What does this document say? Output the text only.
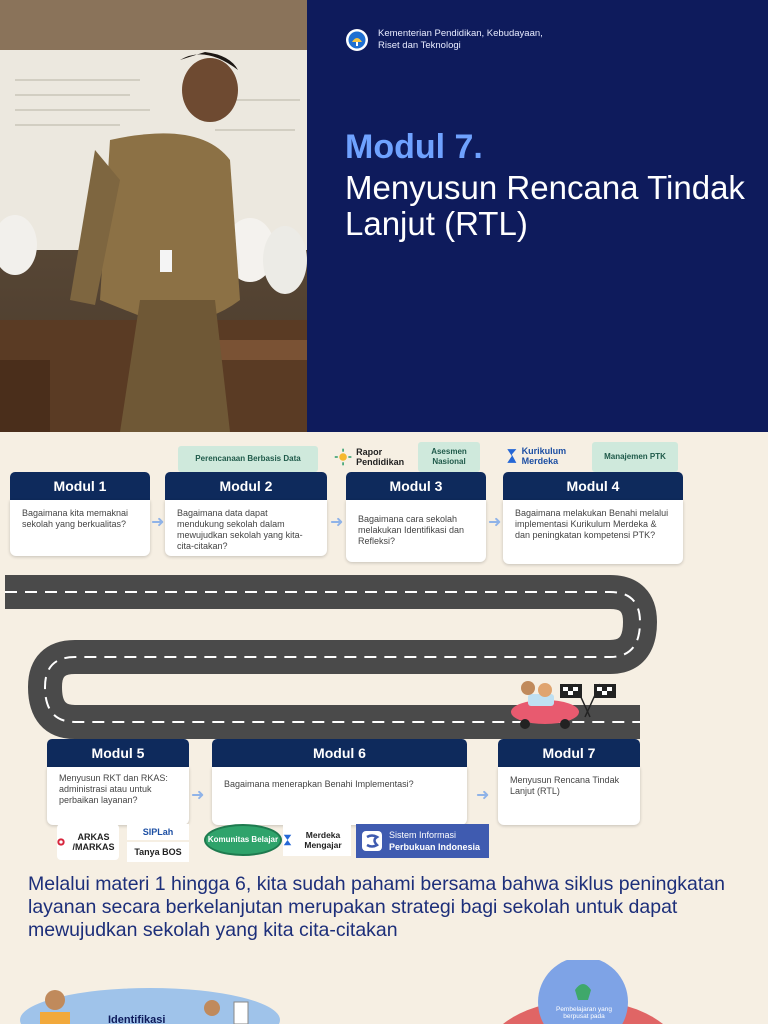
Kementerian Pendidikan, Kebudayaan,
Riset dan Teknologi
Modul 7.
Menyusun Rencana Tindak Lanjut (RTL)
Perencanaan Berbasis Data
Rapor Pendidikan
Asesmen Nasional
Kurikulum Merdeka	Manajemen PTK
Modul 1
Bagaimana kita memaknai sekolah yang berkualitas?	➜
Modul 2
Bagaimana data dapat mendukung sekolah dalam mewujudkan sekolah yang kita-cita-citakan?
➜
Modul 3
Bagaimana cara sekolah melakukan Identifikasi dan Refleksi?
➜
Modul 4
Bagaimana melakukan Benahi melalui implementasi Kurikulum Merdeka & dan peningkatan kompetensi PTK?
Modul 5
Menyusun RKT dan RKAS: administrasi atau untuk perbaikan layanan?	➜
Modul 6
Bagaimana menerapkan Benahi Implementasi?
➜
Modul 7
Menyusun Rencana Tindak Lanjut (RTL)
ARKAS /MARKAS
SIPLah
Tanya BOS
Komunitas Belajar	Merdeka Mengajar
Sistem Informasi
Perbukuan Indonesia
Melalui materi 1 hingga 6, kita sudah pahami bersama bahwa siklus peningkatan layanan secara berkelanjutan merupakan strategi bagi sekolah untuk dapat mewujudkan sekolah yang kita cita-citakan
Identifikasi
Pembelajaran yang berpusat pada
